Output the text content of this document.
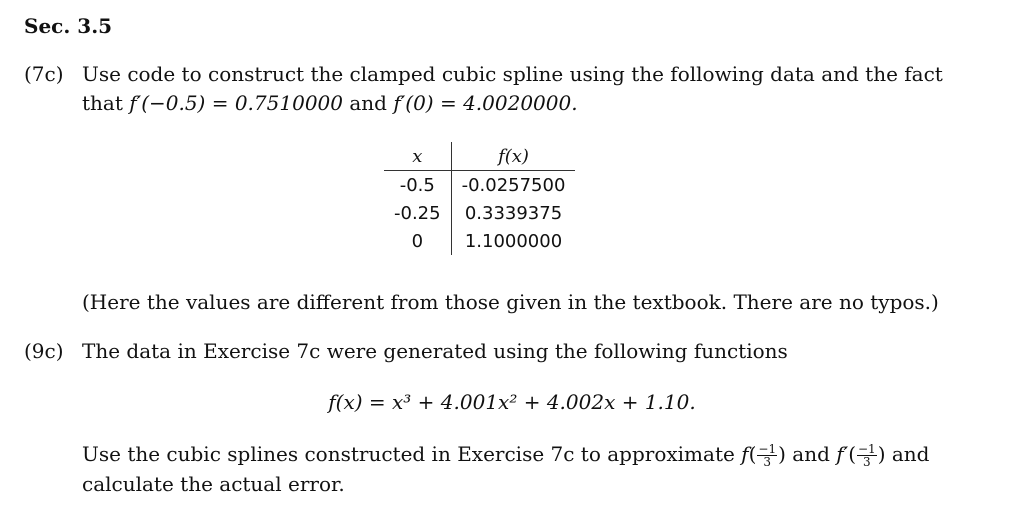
Sec. 3.5
(7c) Use code to construct the clamped cubic spline using the following data and the fact
that f′(−0.5) = 0.7510000 and f′(0) = 4.0020000.
x	f(x)
-0.5	-0.0257500
-0.25	0.3339375
0	1.1000000
(Here the values are different from those given in the textbook. There are no typos.)
(9c) The data in Exercise 7c were generated using the following functions
f(x) = x³ + 4.001x² + 4.002x + 1.10.
Use the cubic splines constructed in Exercise 7c to approximate $f( \frac{-1}{3}$ ) and $f'( \frac{-1}{3}$ ) and
calculate the actual error.
